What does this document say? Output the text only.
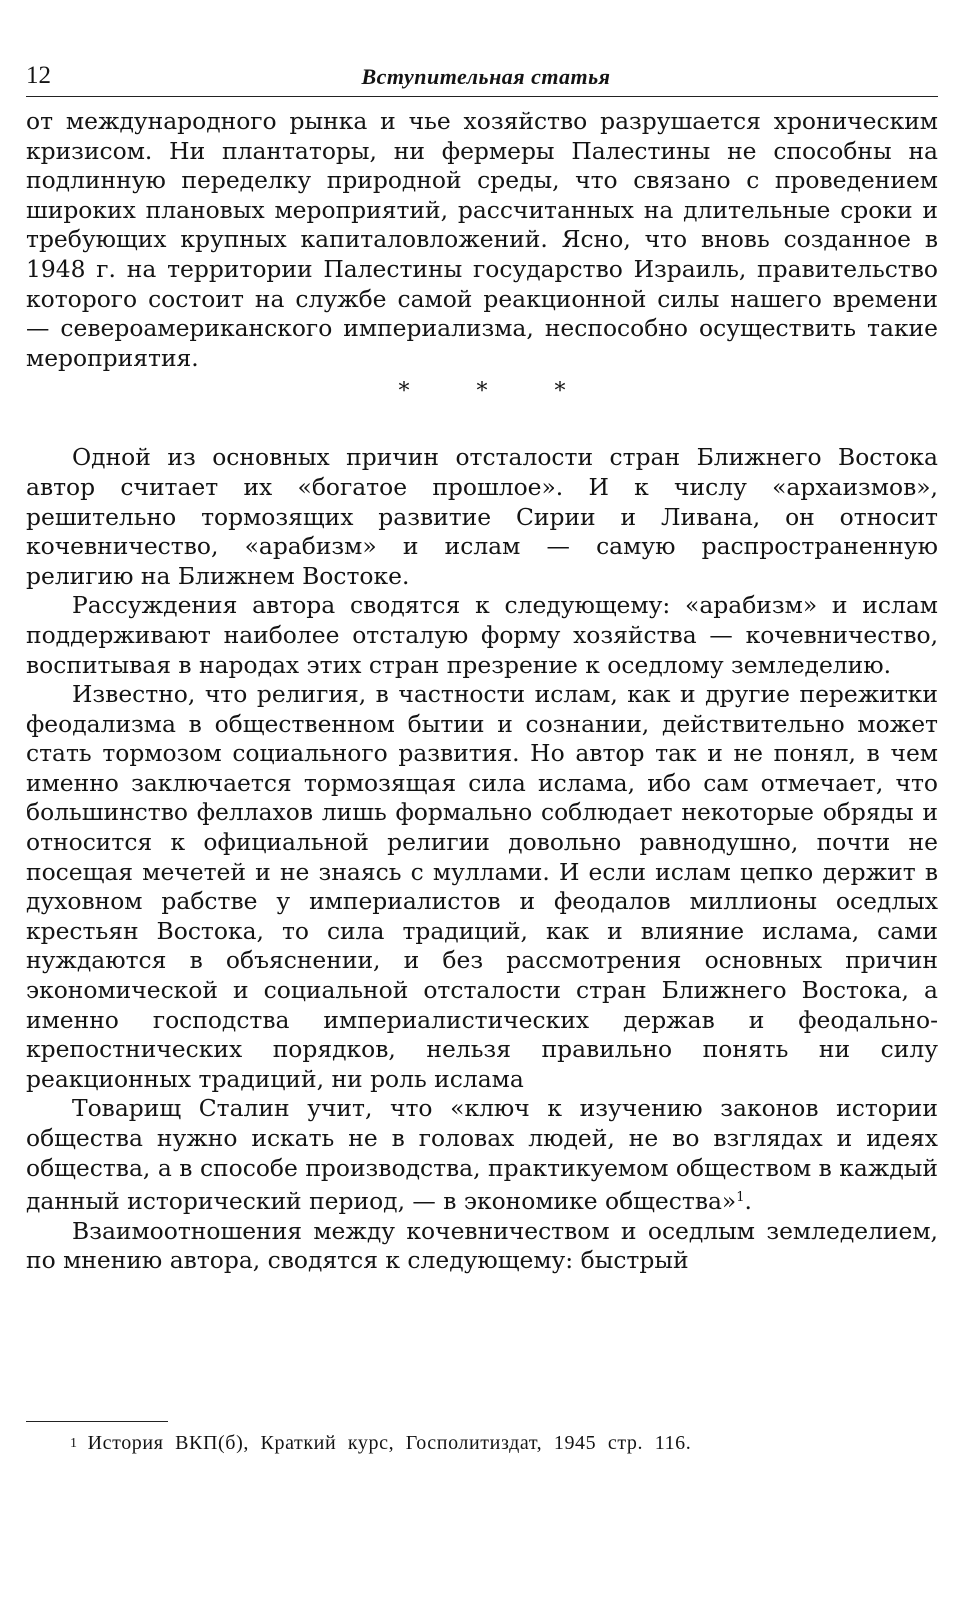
12	Вступительная статья

от международного рынка и чье хозяйство разрушается хроническим кризисом. Ни плантаторы, ни фермеры Палестины не способны на подлинную переделку природной среды, что связано с проведением широких плановых мероприятий, рассчитанных на длительные сроки и требующих крупных капиталовложений. Ясно, что вновь созданное в 1948 г. на территории Палестины государство Израиль, правительство которого состоит на службе самой реакционной силы нашего времени — североамериканского империализма, неспособно осуществить такие мероприятия.

* * *

Одной из основных причин отсталости стран Ближнего Востока автор считает их «богатое прошлое». И к числу «архаизмов», решительно тормозящих развитие Сирии и Ливана, он относит кочевничество, «арабизм» и ислам — самую распространенную религию на Ближнем Востоке.

Рассуждения автора сводятся к следующему: «арабизм» и ислам поддерживают наиболее отсталую форму хозяйства — кочевничество, воспитывая в народах этих стран презрение к оседлому земледелию.

Известно, что религия, в частности ислам, как и другие пережитки феодализма в общественном бытии и сознании, действительно может стать тормозом социального развития. Но автор так и не понял, в чем именно заключается тормозящая сила ислама, ибо сам отмечает, что большинство феллахов лишь формально соблюдает некоторые обряды и относится к официальной религии довольно равнодушно, почти не посещая мечетей и не знаясь с муллами. И если ислам цепко держит в духовном рабстве у империалистов и феодалов миллионы оседлых крестьян Востока, то сила традиций, как и влияние ислама, сами нуждаются в объяснении, и без рассмотрения основных причин экономической и социальной отсталости стран Ближнего Востока, а именно господства империалистических держав и феодально-крепостнических порядков, нельзя правильно понять ни силу реакционных традиций, ни роль ислама

Товарищ Сталин учит, что «ключ к изучению законов истории общества нужно искать не в головах людей, не во взглядах и идеях общества, а в способе производства, практикуемом обществом в каждый данный исторический период, — в экономике общества»$^1$.

Взаимоотношения между кочевничеством и оседлым земледелием, по мнению автора, сводятся к следующему: быстрый

1 История ВКП(б), Краткий курс, Госполитиздат, 1945 стр. 116.
